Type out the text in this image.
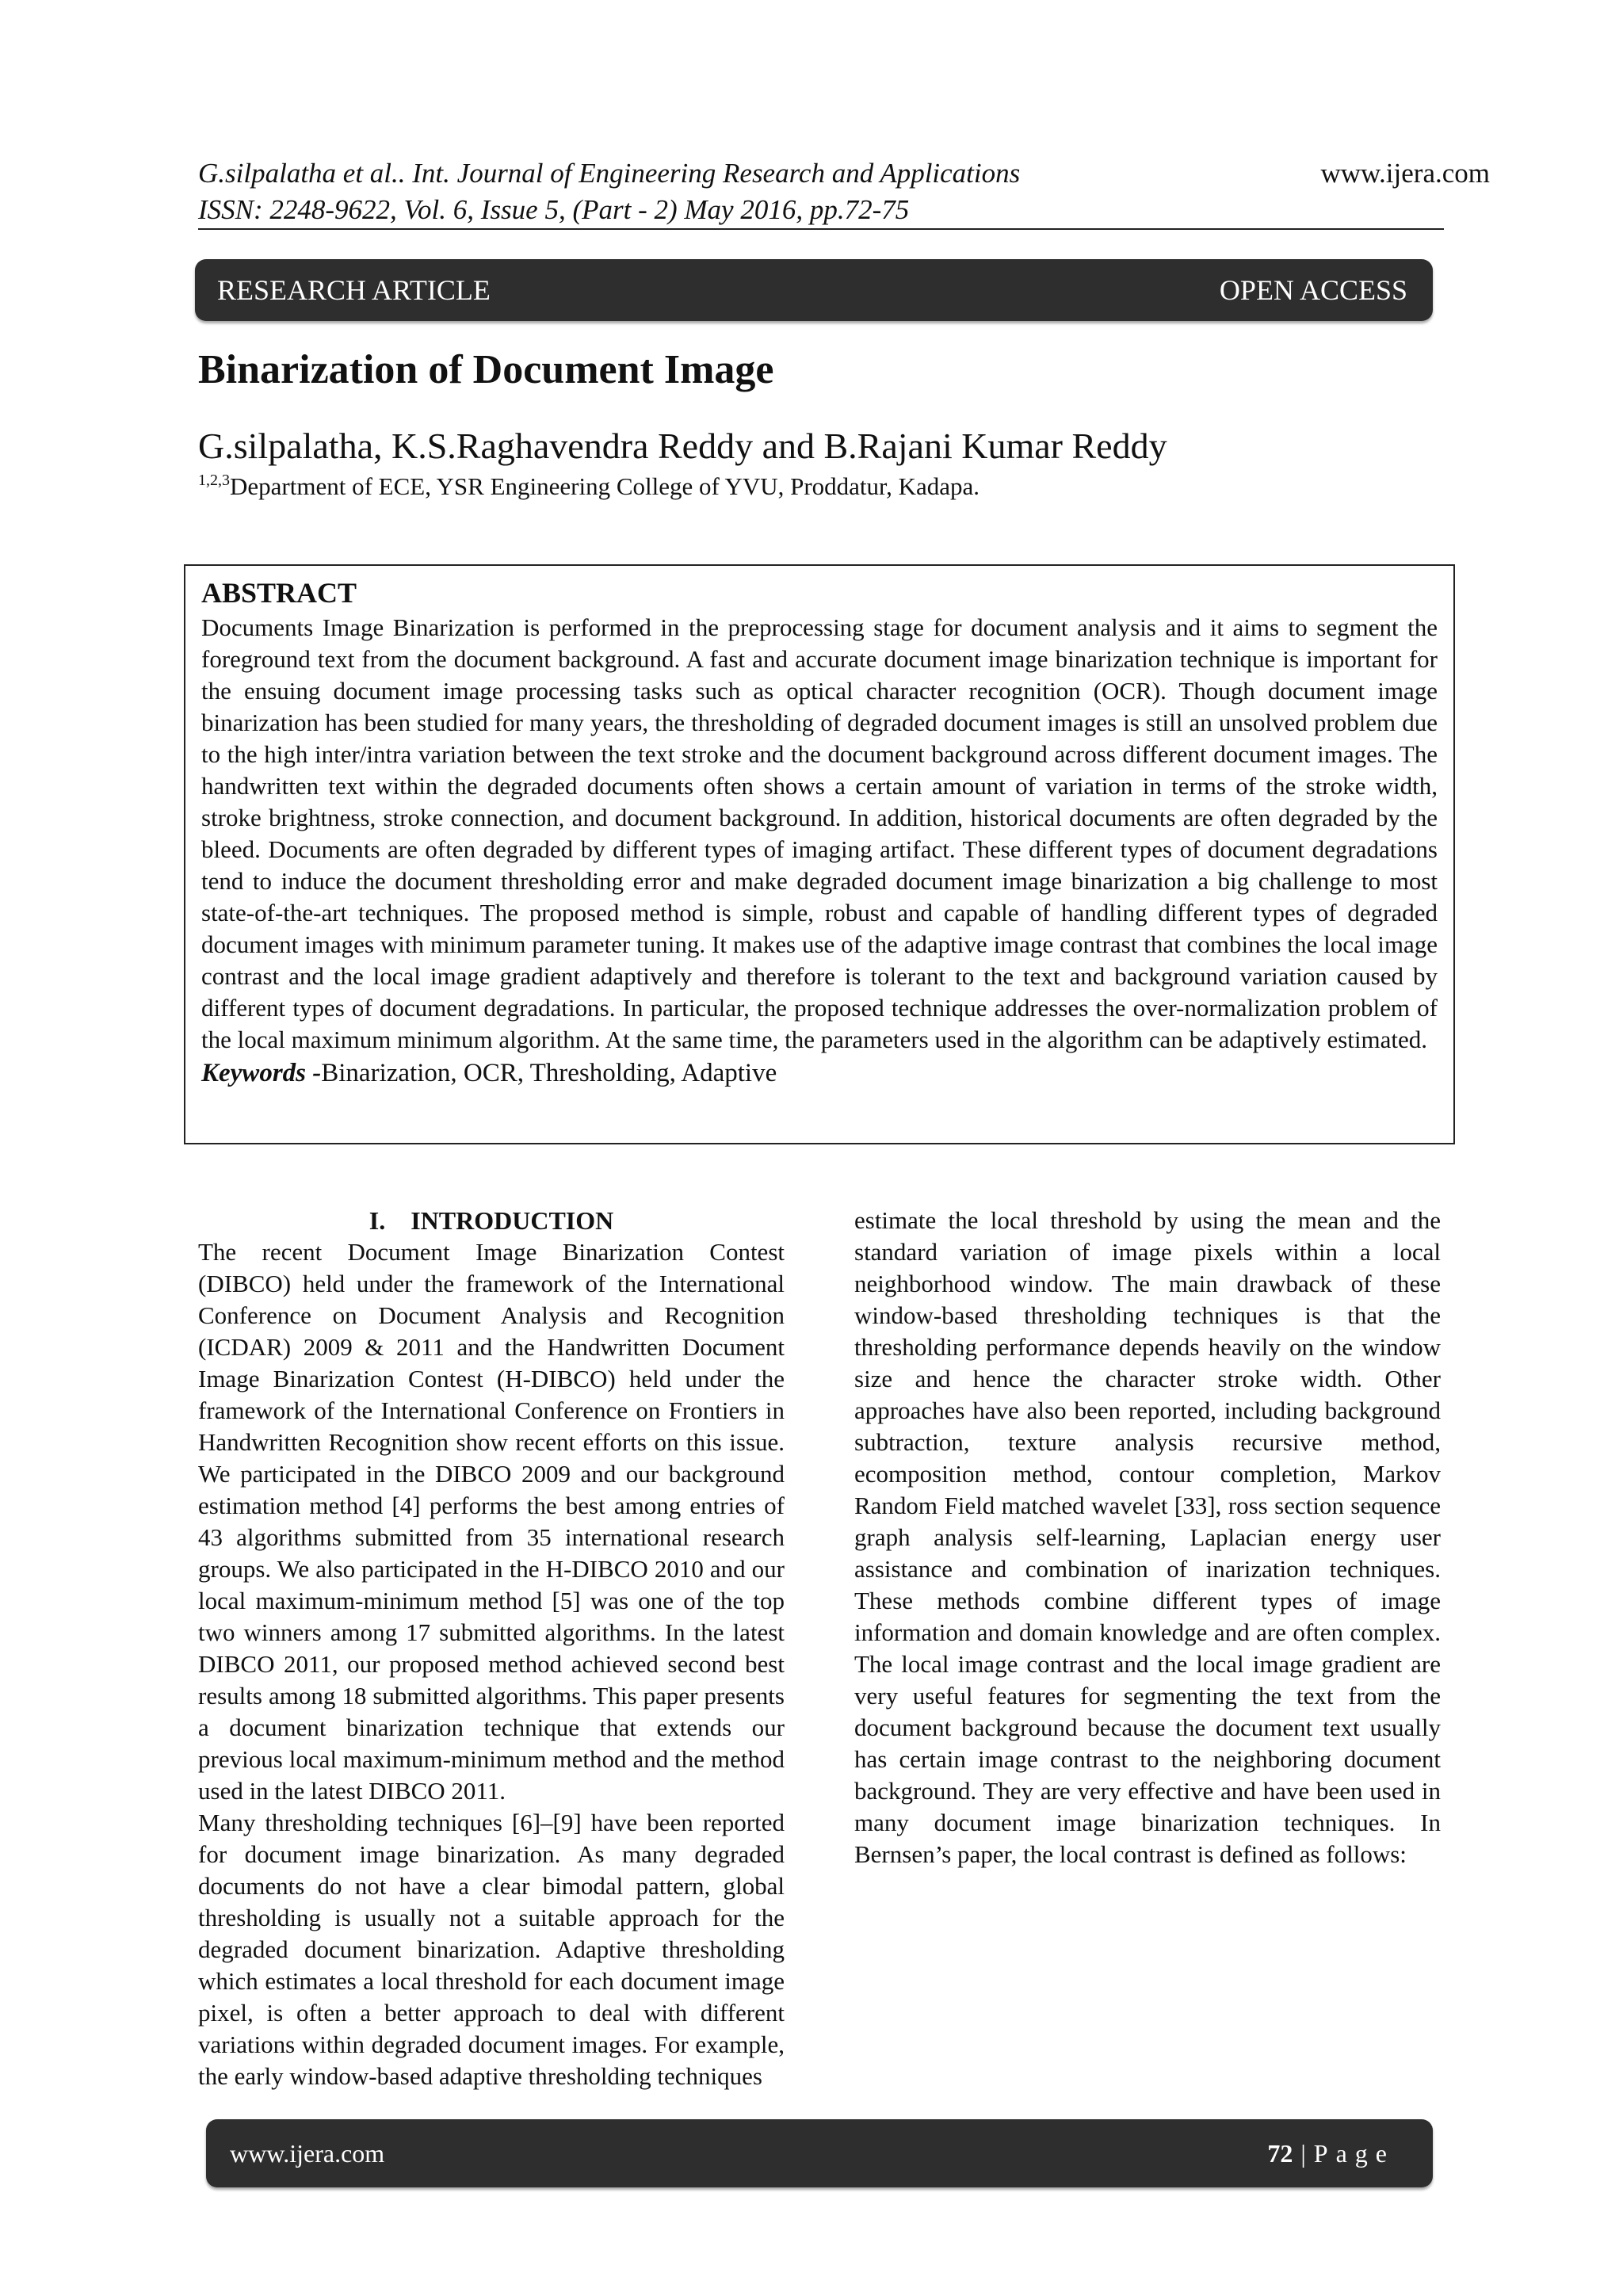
G.silpalatha et al.. Int. Journal of Engineering Research and Applications
ISSN: 2248-9622, Vol. 6, Issue 5, (Part - 2) May 2016, pp.72-75
www.ijera.com
RESEARCH ARTICLE	OPEN ACCESS
Binarization of Document Image
G.silpalatha, K.S.Raghavendra Reddy and B.Rajani Kumar Reddy
$^{1,2,3}$Department of ECE, YSR Engineering College of YVU, Proddatur, Kadapa.
ABSTRACT

Documents Image Binarization is performed in the preprocessing stage for document analysis and it aims to segment the foreground text from the document background. A fast and accurate document image binarization technique is important for the ensuing document image processing tasks such as optical character recognition (OCR). Though document image binarization has been studied for many years, the thresholding of degraded document images is still an unsolved problem due to the high inter/intra variation between the text stroke and the document background across different document images. The handwritten text within the degraded documents often shows a certain amount of variation in terms of the stroke width, stroke brightness, stroke connection, and document background. In addition, historical documents are often degraded by the bleed. Documents are often degraded by different types of imaging artifact. These different types of document degradations tend to induce the document thresholding error and make degraded document image binarization a big challenge to most state-of-the-art techniques. The proposed method is simple, robust and capable of handling different types of degraded document images with minimum parameter tuning. It makes use of the adaptive image contrast that combines the local image contrast and the local image gradient adaptively and therefore is tolerant to the text and background variation caused by different types of document degradations. In particular, the proposed technique addresses the over-normalization problem of the local maximum minimum algorithm. At the same time, the parameters used in the algorithm can be adaptively estimated.

Keywords -Binarization, OCR, Thresholding, Adaptive
I.    INTRODUCTION

The recent Document Image Binarization Contest (DIBCO) held under the framework of the International Conference on Document Analysis and Recognition (ICDAR) 2009 & 2011 and the Handwritten Document Image Binarization Contest (H-DIBCO) held under the framework of the International Conference on Frontiers in Handwritten Recognition show recent efforts on this issue. We participated in the DIBCO 2009 and our background estimation method [4] performs the best among entries of 43 algorithms submitted from 35 international research groups. We also participated in the H-DIBCO 2010 and our local maximum-minimum method [5] was one of the top two winners among 17 submitted algorithms. In the latest DIBCO 2011, our proposed method achieved second best results among 18 submitted algorithms. This paper presents a document binarization technique that extends our previous local maximum-minimum method and the method used in the latest DIBCO 2011.

Many thresholding techniques [6]–[9] have been reported for document image binarization. As many degraded documents do not have a clear bimodal pattern, global thresholding is usually not a suitable approach for the degraded document binarization. Adaptive thresholding which estimates a local threshold for each document image pixel, is often a better approach to deal with different variations within degraded document images. For example, the early window-based adaptive thresholding techniques

estimate the local threshold by using the mean and the standard variation of image pixels within a local neighborhood window. The main drawback of these window-based thresholding techniques is that the thresholding performance depends heavily on the window size and hence the character stroke width. Other approaches have also been reported, including background subtraction, texture analysis recursive method, ecomposition method, contour completion, Markov Random Field matched wavelet [33], ross section sequence graph analysis self-learning, Laplacian energy user assistance and combination of inarization techniques. These methods combine different types of image information and domain knowledge and are often complex. The local image contrast and the local image gradient are very useful features for segmenting the text from the document background because the document text usually has certain image contrast to the neighboring document background. They are very effective and have been used in many document image binarization techniques. In Bernsen’s paper, the local contrast is defined as follows:

www.ijera.com	72 | Page
